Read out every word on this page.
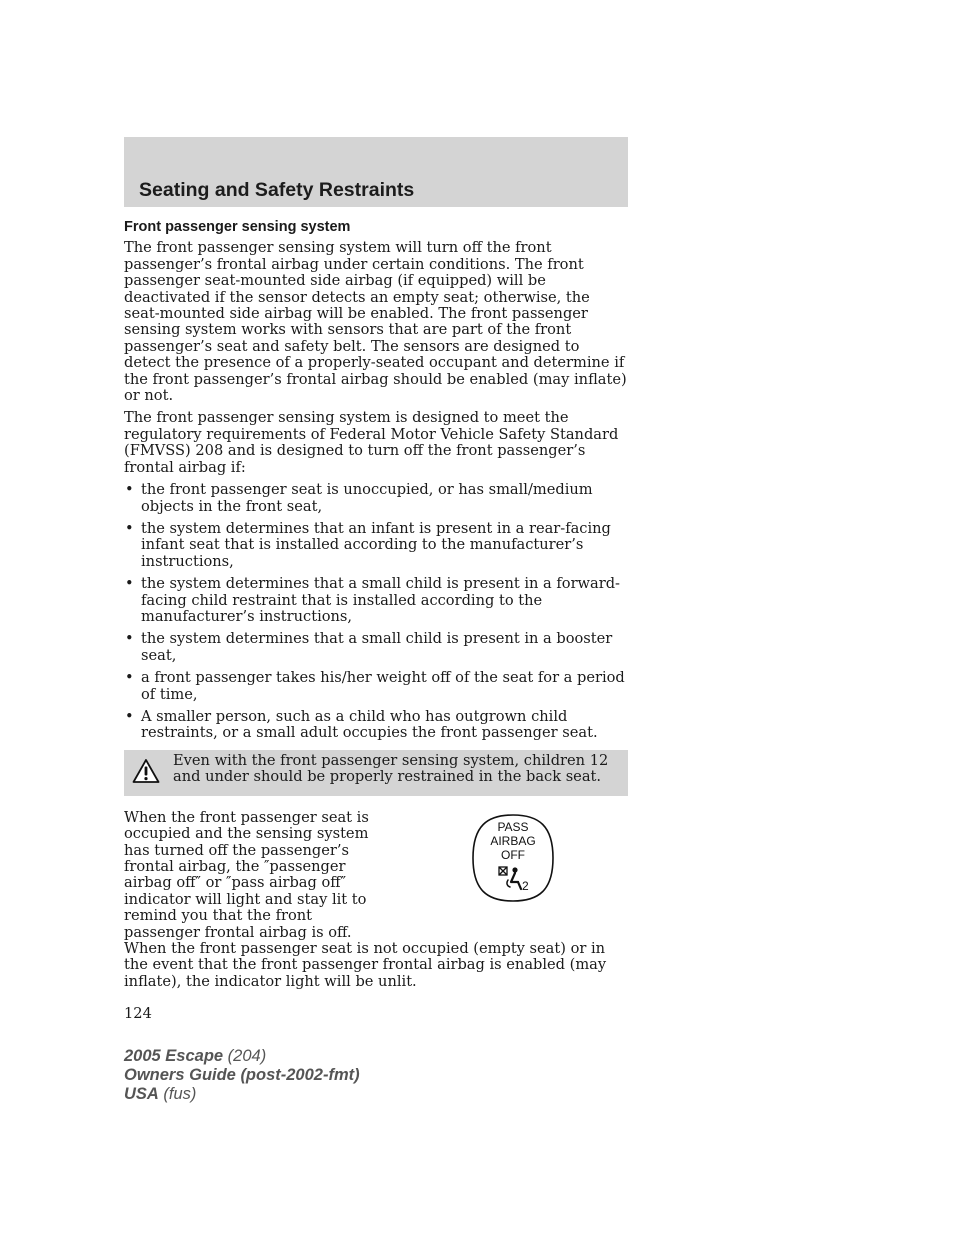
Seating and Safety Restraints
Front passenger sensing system

The front passenger sensing system will turn off the front passenger’s frontal airbag under certain conditions. The front passenger seat-mounted side airbag (if equipped) will be deactivated if the sensor detects an empty seat; otherwise, the seat-mounted side airbag will be enabled. The front passenger sensing system works with sensors that are part of the front passenger’s seat and safety belt. The sensors are designed to detect the presence of a properly-seated occupant and determine if the front passenger’s frontal airbag should be enabled (may inflate) or not.

The front passenger sensing system is designed to meet the regulatory requirements of Federal Motor Vehicle Safety Standard (FMVSS) 208 and is designed to turn off the front passenger’s frontal airbag if:

• the front passenger seat is unoccupied, or has small/medium objects in the front seat,
• the system determines that an infant is present in a rear-facing infant seat that is installed according to the manufacturer’s instructions,
• the system determines that a small child is present in a forward-facing child restraint that is installed according to the manufacturer’s instructions,
• the system determines that a small child is present in a booster seat,
• a front passenger takes his/her weight off of the seat for a period of time,
• A smaller person, such as a child who has outgrown child restraints, or a small adult occupies the front passenger seat.
Even with the front passenger sensing system, children 12 and under should be properly restrained in the back seat.
PASS
AIRBAG
OFF
2

When the front passenger seat is occupied and the sensing system has turned off the passenger’s frontal airbag, the ″passenger airbag off″ or ″pass airbag off″ indicator will light and stay lit to remind you that the front passenger frontal airbag is off. When the front passenger seat is not occupied (empty seat) or in the event that the front passenger frontal airbag is enabled (may inflate), the indicator light will be unlit.

124
2005 Escape (204)
Owners Guide (post-2002-fmt)
USA (fus)
